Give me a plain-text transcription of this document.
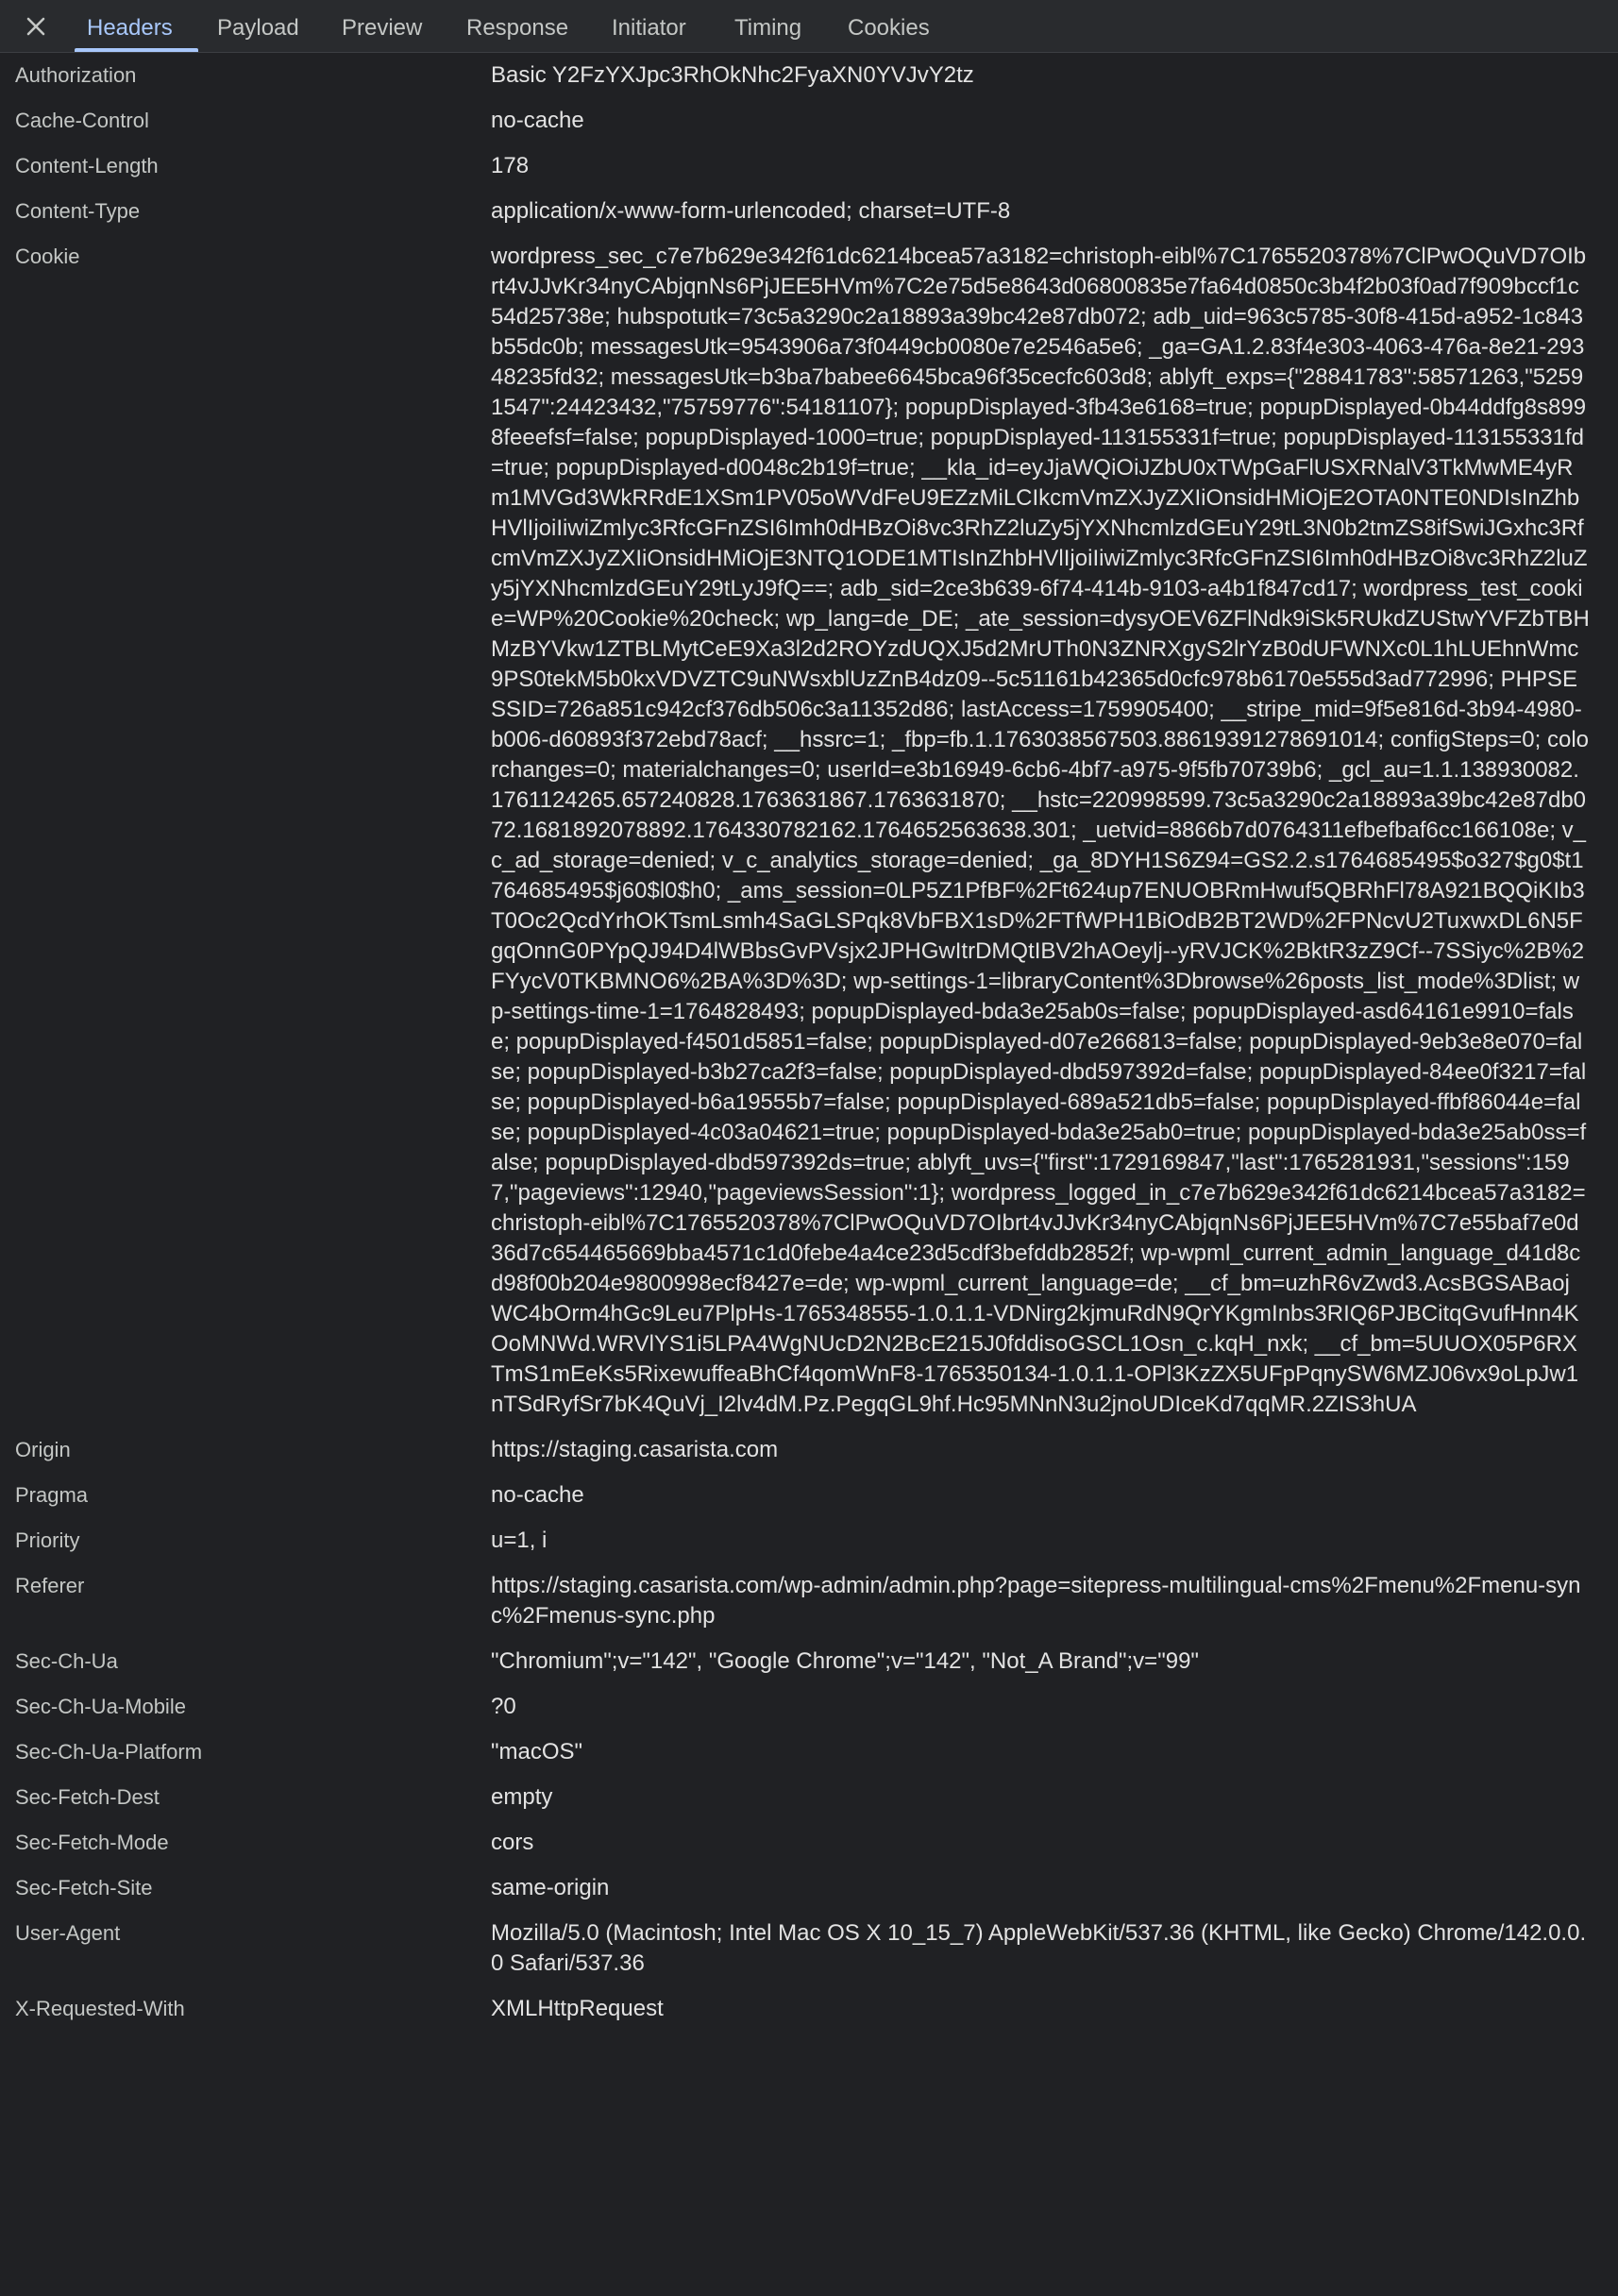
Headers Payload Preview Response Initiator Timing Cookies
Authorization	Basic Y2FzYXJpc3RhOkNhc2FyaXN0YVJvY2tz
Cache-Control	no-cache
Content-Length	178
Content-Type	application/x-www-form-urlencoded; charset=UTF-8
Cookie	wordpress_sec_c7e7b629e342f61dc6214bcea57a3182=christoph-eibl%7C1765520378%7ClPwOQuVD7OIbrt4vJJvKr34nyCAbjqnNs6PjJEE5HVm%7C2e75d5e8643d06800835e7fa64d0850c3b4f2b03f0ad7f909bccf1c54d25738e; hubspotutk=73c5a3290c2a18893a39bc42e87db072; adb_uid=963c5785-30f8-415d-a952-1c843b55dc0b; messagesUtk=9543906a73f0449cb0080e7e2546a5e6; _ga=GA1.2.83f4e303-4063-476a-8e21-29348235fd32; messagesUtk=b3ba7babee6645bca96f35cecfc603d8; ablyft_exps={"28841783":58571263,"52591547":24423432,"75759776":54181107}; popupDisplayed-3fb43e6168=true; popupDisplayed-0b44ddfg8s8998feeefsf=false; popupDisplayed-1000=true; popupDisplayed-113155331f=true; popupDisplayed-113155331fd=true; popupDisplayed-d0048c2b19f=true; __kla_id=eyJjaWQiOiJZbU0xTWpGaFlUSXRNalV3TkMwME4yRm1MVGd3WkRRdE1XSm1PV05oWVdFeU9EZzMiLCIkcmVmZXJyZXIiOnsidHMiOjE2OTA0NTE0NDIsInZhbHVlIjoiIiwiZmlyc3RfcGFnZSI6Imh0dHBzOi8vc3RhZ2luZy5jYXNhcmlzdGEuY29tL3N0b2tmZS8ifSwiJGxhc3RfcmVmZXJyZXIiOnsidHMiOjE3NTQ1ODE1MTIsInZhbHVlIjoiIiwiZmlyc3RfcGFnZSI6Imh0dHBzOi8vc3RhZ2luZy5jYXNhcmlzdGEuY29tLyJ9fQ==; adb_sid=2ce3b639-6f74-414b-9103-a4b1f847cd17; wordpress_test_cookie=WP%20Cookie%20check; wp_lang=de_DE; _ate_session=dysyOEV6ZFlNdk9iSk5RUkdZUStwYVFZbTBHMzBYVkw1ZTBLMytCeE9Xa3l2d2ROYzdUQXJ5d2MrUTh0N3ZNRXgyS2lrYzB0dUFWNXc0L1hLUEhnWmc9PS0tekM5b0kxVDVZTC9uNWsxblUzZnB4dz09--5c51161b42365d0cfc978b6170e555d3ad772996; PHPSESSID=726a851c942cf376db506c3a11352d86; lastAccess=1759905400; __stripe_mid=9f5e816d-3b94-4980-b006-d60893f372ebd78acf; __hssrc=1; _fbp=fb.1.1763038567503.88619391278691014; configSteps=0; colorchanges=0; materialchanges=0; userId=e3b16949-6cb6-4bf7-a975-9f5fb70739b6; _gcl_au=1.1.138930082.1761124265.657240828.1763631867.1763631870; __hstc=220998599.73c5a3290c2a18893a39bc42e87db072.1681892078892.1764330782162.1764652563638.301; _uetvid=8866b7d0764311efbefbaf6cc166108e; v_c_ad_storage=denied; v_c_analytics_storage=denied; _ga_8DYH1S6Z94=GS2.2.s1764685495$o327$g0$t1764685495$j60$l0$h0; _ams_session=0LP5Z1PfBF%2Ft624up7ENUOBRmHwuf5QBRhFl78A921BQQiKIb3T0Oc2QcdYrhOKTsmLsmh4SaGLSPqk8VbFBX1sD%2FTfWPH1BiOdB2BT2WD%2FPNcvU2TuxwxDL6N5FgqOnnG0PYpQJ94D4lWBbsGvPVsjx2JPHGwItrDMQtIBV2hAOeylj--yRVJCK%2BktR3zZ9Cf--7SSiyc%2B%2FYycV0TKBMNO6%2BA%3D%3D; wp-settings-1=libraryContent%3Dbrowse%26posts_list_mode%3Dlist; wp-settings-time-1=1764828493; popupDisplayed-bda3e25ab0s=false; popupDisplayed-asd64161e9910=false; popupDisplayed-f4501d5851=false; popupDisplayed-d07e266813=false; popupDisplayed-9eb3e8e070=false; popupDisplayed-b3b27ca2f3=false; popupDisplayed-dbd597392d=false; popupDisplayed-84ee0f3217=false; popupDisplayed-b6a19555b7=false; popupDisplayed-689a521db5=false; popupDisplayed-ffbf86044e=false; popupDisplayed-4c03a04621=true; popupDisplayed-bda3e25ab0=true; popupDisplayed-bda3e25ab0ss=false; popupDisplayed-dbd597392ds=true; ablyft_uvs={"first":1729169847,"last":1765281931,"sessions":1597,"pageviews":12940,"pageviewsSession":1}; wordpress_logged_in_c7e7b629e342f61dc6214bcea57a3182=christoph-eibl%7C1765520378%7ClPwOQuVD7OIbrt4vJJvKr34nyCAbjqnNs6PjJEE5HVm%7C7e55baf7e0d36d7c654465669bba4571c1d0febe4a4ce23d5cdf3befddb2852f; wp-wpml_current_admin_language_d41d8cd98f00b204e9800998ecf8427e=de; wp-wpml_current_language=de; __cf_bm=uzhR6vZwd3.AcsBGSABaojWC4bOrm4hGc9Leu7PlpHs-1765348555-1.0.1.1-VDNirg2kjmuRdN9QrYKgmInbs3RIQ6PJBCitqGvufHnn4KOoMNWd.WRVlYS1i5LPA4WgNUcD2N2BcE215J0fddisoGSCL1Osn_c.kqH_nxk; __cf_bm=5UUOX05P6RXTmS1mEeKs5RixewuffeaBhCf4qomWnF8-1765350134-1.0.1.1-OPl3KzZX5UFpPqnySW6MZJ06vx9oLpJw1nTSdRyfSr7bK4QuVj_I2lv4dM.Pz.PegqGL9hf.Hc95MNnN3u2jnoUDIceKd7qqMR.2ZIS3hUA
Origin	https://staging.casarista.com
Pragma	no-cache
Priority	u=1, i
Referer	https://staging.casarista.com/wp-admin/admin.php?page=sitepress-multilingual-cms%2Fmenu%2Fmenu-sync%2Fmenus-sync.php
Sec-Ch-Ua	"Chromium";v="142", "Google Chrome";v="142", "Not_A Brand";v="99"
Sec-Ch-Ua-Mobile	?0
Sec-Ch-Ua-Platform	"macOS"
Sec-Fetch-Dest	empty
Sec-Fetch-Mode	cors
Sec-Fetch-Site	same-origin
User-Agent	Mozilla/5.0 (Macintosh; Intel Mac OS X 10_15_7) AppleWebKit/537.36 (KHTML, like Gecko) Chrome/142.0.0.0 Safari/537.36
X-Requested-With	XMLHttpRequest
